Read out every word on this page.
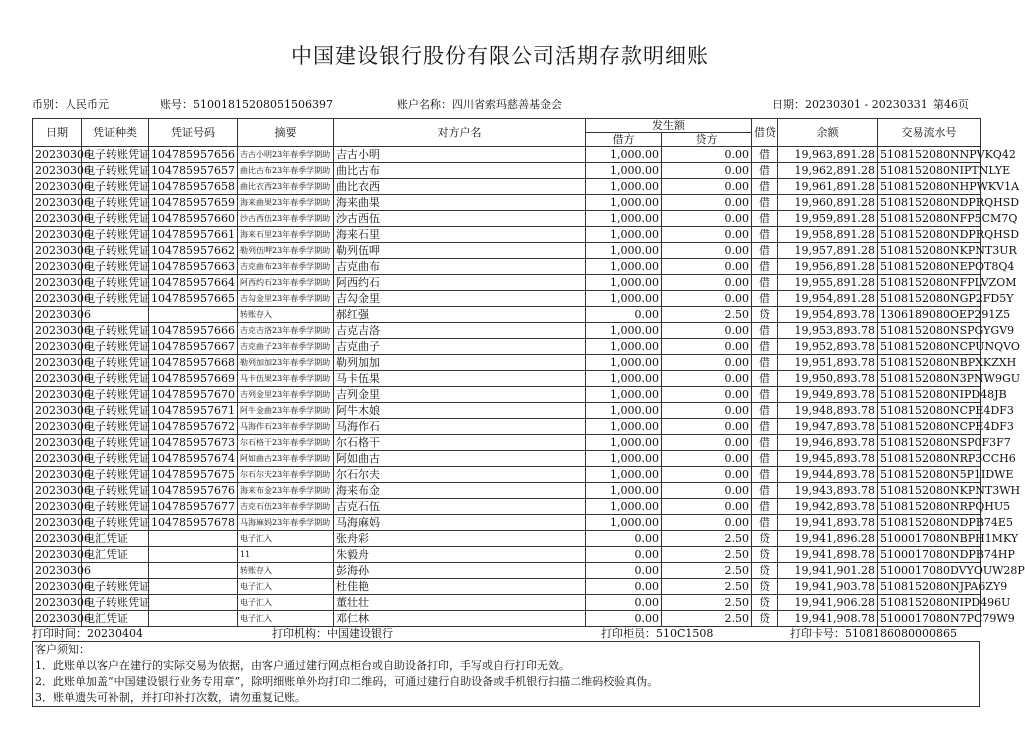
中国建设银行股份有限公司活期存款明细账
币别：人民币元	账号：51001815208051506397	账户名称：四川省索玛慈善基金会	日期：20230301 - 20230331 第46页
日期	凭证种类	凭证号码	摘要	对方户名	发生额		借贷	余额	交易流水号
					借方	贷方			
20230306	电子转账凭证	104785957656	吉古小明23年春季学期助	吉古小明	1,000.00	0.00	借	19,963,891.28	5108152080NNPVKQ42
20230306	电子转账凭证	104785957657	曲比古布23年春季学期助	曲比古布	1,000.00	0.00	借	19,962,891.28	5108152080NIPTNLYE
20230306	电子转账凭证	104785957658	曲比衣西23年春季学期助	曲比衣西	1,000.00	0.00	借	19,961,891.28	5108152080NHPWKV1A
20230306	电子转账凭证	104785957659	海来曲果23年春季学期助	海来曲果	1,000.00	0.00	借	19,960,891.28	5108152080NDPRQHSD
20230306	电子转账凭证	104785957660	沙古西伍23年春季学期助	沙古西伍	1,000.00	0.00	借	19,959,891.28	5108152080NFP5CM7Q
20230306	电子转账凭证	104785957661	海来石里23年春季学期助	海来石里	1,000.00	0.00	借	19,958,891.28	5108152080NDPRQHSD
20230306	电子转账凭证	104785957662	勒列伍呷23年春季学期助	勒列伍呷	1,000.00	0.00	借	19,957,891.28	5108152080NKPNT3UR
20230306	电子转账凭证	104785957663	吉克曲布23年春季学期助	吉克曲布	1,000.00	0.00	借	19,956,891.28	5108152080NEPOT8Q4
20230306	电子转账凭证	104785957664	阿西约石23年春季学期助	阿西约石	1,000.00	0.00	借	19,955,891.28	5108152080NFPLVZOM
20230306	电子转账凭证	104785957665	吉勾金里23年春季学期助	吉勾金里	1,000.00	0.00	借	19,954,891.28	5108152080NGP2FD5Y
20230306			转账存入	郝红强	0.00	2.50	贷	19,954,893.78	1306189080OEP291Z5
20230306	电子转账凭证	104785957666	吉克吉洛23年春季学期助	吉克吉洛	1,000.00	0.00	借	19,953,893.78	5108152080NSPGYGV9
20230306	电子转账凭证	104785957667	吉克曲子23年春季学期助	吉克曲子	1,000.00	0.00	借	19,952,893.78	5108152080NCPUNQVO
20230306	电子转账凭证	104785957668	勒列加加23年春季学期助	勒列加加	1,000.00	0.00	借	19,951,893.78	5108152080NBPXKZXH
20230306	电子转账凭证	104785957669	马卡伍果23年春季学期助	马卡伍果	1,000.00	0.00	借	19,950,893.78	5108152080N3PNW9GU
20230306	电子转账凭证	104785957670	吉列金里23年春季学期助	吉列金里	1,000.00	0.00	借	19,949,893.78	5108152080NIPD48JB
20230306	电子转账凭证	104785957671	阿牛金曲23年春季学期助	阿牛木娘	1,000.00	0.00	借	19,948,893.78	5108152080NCPE4DF3
20230306	电子转账凭证	104785957672	马海作石23年春季学期助	马海作石	1,000.00	0.00	借	19,947,893.78	5108152080NCPE4DF3
20230306	电子转账凭证	104785957673	尔石格干23年春季学期助	尔石格干	1,000.00	0.00	借	19,946,893.78	5108152080NSP0F3F7
20230306	电子转账凭证	104785957674	阿如曲古23年春季学期助	阿如曲古	1,000.00	0.00	借	19,945,893.78	5108152080NRP3CCH6
20230306	电子转账凭证	104785957675	尔石尔夫23年春季学期助	尔石尔夫	1,000.00	0.00	借	19,944,893.78	5108152080N5P1IDWE
20230306	电子转账凭证	104785957676	海来布金23年春季学期助	海来布金	1,000.00	0.00	借	19,943,893.78	5108152080NKPNT3WH
20230306	电子转账凭证	104785957677	吉克石伍23年春季学期助	吉克石伍	1,000.00	0.00	借	19,942,893.78	5108152080NRPQHU5
20230306	电子转账凭证	104785957678	马海麻妈23年春季学期助	马海麻妈	1,000.00	0.00	借	19,941,893.78	5108152080NDPB74E5
20230306	电汇凭证		电子汇入	张舟彩	0.00	2.50	贷	19,941,896.28	5100017080NBPH1MKY
20230306	电汇凭证		11	朱毅舟	0.00	2.50	贷	19,941,898.78	5100017080NDPB74HP
20230306			转账存入	彭海孙	0.00	2.50	贷	19,941,901.28	5100017080DVYOUW28P
20230306	电子转账凭证		电子汇入	杜佳艳	0.00	2.50	贷	19,941,903.78	5108152080NJPA6ZY9
20230306	电子转账凭证		电子汇入	董壮壮	0.00	2.50	贷	19,941,906.28	5108152080NIPD496U
20230306	电汇凭证		电子汇入	邓仁林	0.00	2.50	贷	19,941,908.78	5100017080N7PC79W9
打印时间：20230404	打印机构：中国建设银行	打印柜员：510C1508	打印卡号：5108186080000865
客户须知：
1．此账单以客户在建行的实际交易为依据，由客户通过建行网点柜台或自助设备打印，手写或自行打印无效。
2．此账单加盖“中国建设银行业务专用章”，除明细账单外均打印二维码，可通过建行自助设备或手机银行扫描二维码校验真伪。
3．账单遗失可补制，并打印补打次数，请勿重复记账。
